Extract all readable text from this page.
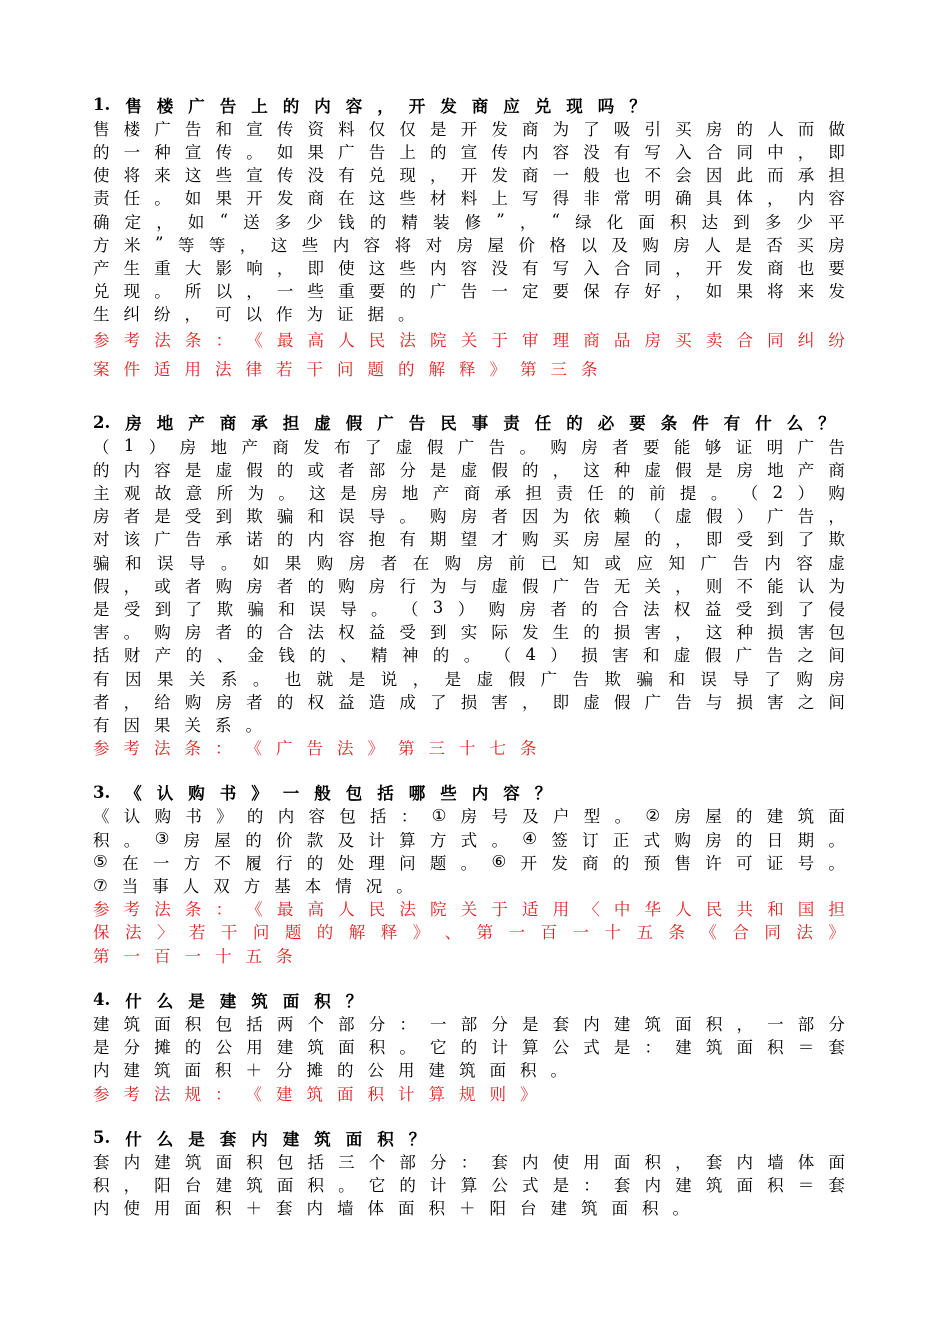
1. 售 楼 广 告 上 的 内 容 ， 开 发 商 应 兑 现 吗 ？
售 楼 广 告 和 宣 传 资 料 仅 仅 是 开 发 商 为 了 吸 引 买 房 的 人 而 做
的 一 种 宣 传 。 如 果 广 告 上 的 宣 传 内 容 没 有 写 入 合 同 中 ， 即
使 将 来 这 些 宣 传 没 有 兑 现 ， 开 发 商 一 般 也 不 会 因 此 而 承 担
责 任 。 如 果 开 发 商 在 这 些 材 料 上 写 得 非 常 明 确 具 体 ， 内 容
确 定 ， 如 “ 送 多 少 钱 的 精 装 修 ” ， “ 绿 化 面 积 达 到 多 少 平
方 米 ” 等 等 ， 这 些 内 容 将 对 房 屋 价 格 以 及 购 房 人 是 否 买 房
产 生 重 大 影 响 ， 即 使 这 些 内 容 没 有 写 入 合 同 ， 开 发 商 也 要
兑 现 。 所 以 ， 一 些 重 要 的 广 告 一 定 要 保 存 好 ， 如 果 将 来 发
生 纠 纷 ， 可 以 作 为 证 据 。
参 考 法 条 ： 《 最 高 人 民 法 院 关 于 审 理 商 品 房 买 卖 合 同 纠 纷
案 件 适 用 法 律 若 干 问 题 的 解 释 》 第 三 条
2. 房 地 产 商 承 担 虚 假 广 告 民 事 责 任 的 必 要 条 件 有 什 么 ？
（ 1 ） 房 地 产 商 发 布 了 虚 假 广 告 。 购 房 者 要 能 够 证 明 广 告
的 内 容 是 虚 假 的 或 者 部 分 是 虚 假 的 ， 这 种 虚 假 是 房 地 产 商
主 观 故 意 所 为 。 这 是 房 地 产 商 承 担 责 任 的 前 提 。 （ 2 ） 购
房 者 是 受 到 欺 骗 和 误 导 。 购 房 者 因 为 依 赖 （ 虚 假 ） 广 告 ，
对 该 广 告 承 诺 的 内 容 抱 有 期 望 才 购 买 房 屋 的 ， 即 受 到 了 欺
骗 和 误 导 。 如 果 购 房 者 在 购 房 前 已 知 或 应 知 广 告 内 容 虚
假 ， 或 者 购 房 者 的 购 房 行 为 与 虚 假 广 告 无 关 ， 则 不 能 认 为
是 受 到 了 欺 骗 和 误 导 。 （ 3 ） 购 房 者 的 合 法 权 益 受 到 了 侵
害 。 购 房 者 的 合 法 权 益 受 到 实 际 发 生 的 损 害 ， 这 种 损 害 包
括 财 产 的 、 金 钱 的 、 精 神 的 。 （ 4 ） 损 害 和 虚 假 广 告 之 间
有 因 果 关 系 。 也 就 是 说 ， 是 虚 假 广 告 欺 骗 和 误 导 了 购 房
者 ， 给 购 房 者 的 权 益 造 成 了 损 害 ， 即 虚 假 广 告 与 损 害 之 间
有 因 果 关 系 。
参 考 法 条 ： 《 广 告 法 》 第 三 十 七 条
3. 《 认 购 书 》 一 般 包 括 哪 些 内 容 ？
《 认 购 书 》 的 内 容 包 括 ： ① 房 号 及 户 型 。 ② 房 屋 的 建 筑 面
积 。 ③ 房 屋 的 价 款 及 计 算 方 式 。 ④ 签 订 正 式 购 房 的 日 期 。
⑤ 在 一 方 不 履 行 的 处 理 问 题 。 ⑥ 开 发 商 的 预 售 许 可 证 号 。
⑦ 当 事 人 双 方 基 本 情 况 。
参 考 法 条 ： 《 最 高 人 民 法 院 关 于 适 用 〈 中 华 人 民 共 和 国 担
保 法 〉 若 干 问 题 的 解 释 》 、 第 一 百 一 十 五 条 《 合 同 法 》
第 一 百 一 十 五 条
4. 什 么 是 建 筑 面 积 ？
建 筑 面 积 包 括 两 个 部 分 ： 一 部 分 是 套 内 建 筑 面 积 ， 一 部 分
是 分 摊 的 公 用 建 筑 面 积 。 它 的 计 算 公 式 是 ： 建 筑 面 积 ＝ 套
内 建 筑 面 积 ＋ 分 摊 的 公 用 建 筑 面 积 。
参 考 法 规 ： 《 建 筑 面 积 计 算 规 则 》
5. 什 么 是 套 内 建 筑 面 积 ？
套 内 建 筑 面 积 包 括 三 个 部 分 ： 套 内 使 用 面 积 ， 套 内 墙 体 面
积 ， 阳 台 建 筑 面 积 。 它 的 计 算 公 式 是 ： 套 内 建 筑 面 积 ＝ 套
内 使 用 面 积 ＋ 套 内 墙 体 面 积 ＋ 阳 台 建 筑 面 积 。
